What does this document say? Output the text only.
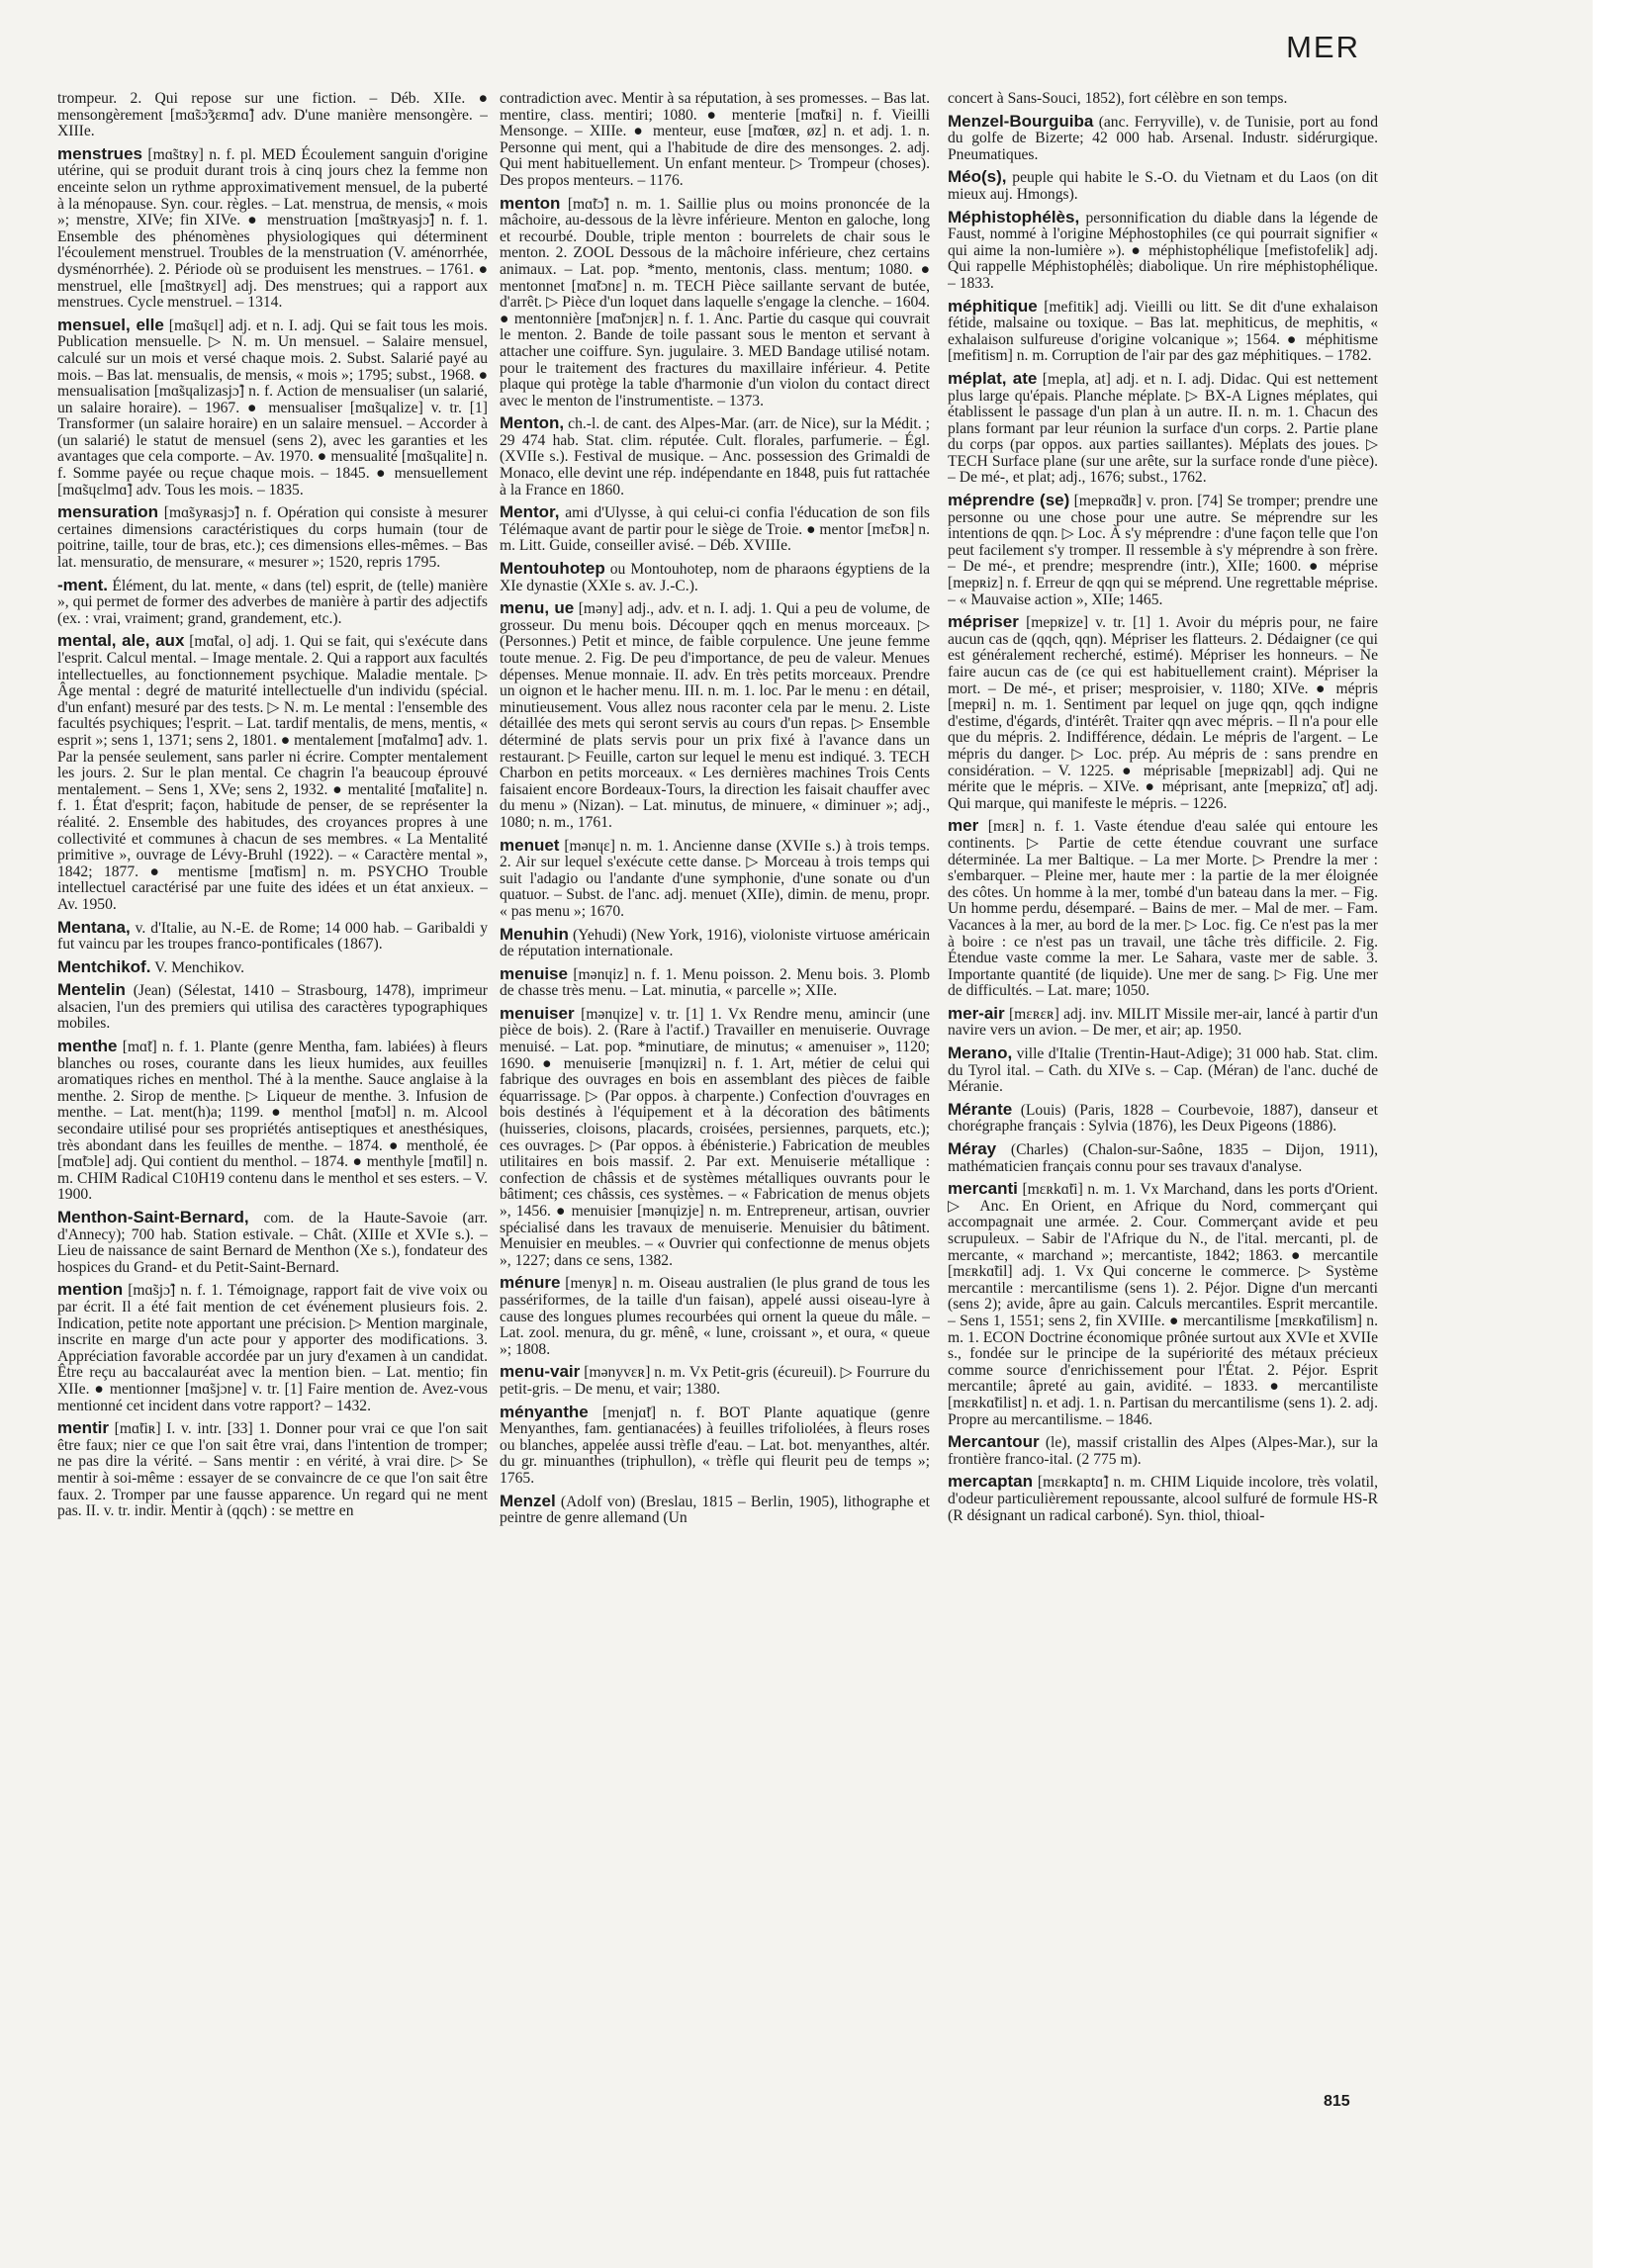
MER

trompeur. 2. Qui repose sur une fiction. – Déb. XIIe. ● mensongèrement [mɑ̃sɔ̃ʒɛʀmɑ̃] adv. D'une manière mensongère. – XIIIe.

menstrues [mɑ̃stʀy] n. f. pl. MED Écoulement sanguin d'origine utérine, qui se produit durant trois à cinq jours chez la femme non enceinte selon un rythme approximativement mensuel, de la puberté à la ménopause. Syn. cour. règles. – Lat. menstrua, de mensis, « mois »; menstre, XIVe; fin XIVe. ● menstruation [mɑ̃stʀyasjɔ̃] n. f. 1. Ensemble des phénomènes physiologiques qui déterminent l'écoulement menstruel. Troubles de la menstruation (V. aménorrhée, dysménorrhée). 2. Période où se produisent les menstrues. – 1761. ● menstruel, elle [mɑ̃stʀyɛl] adj. Des menstrues; qui a rapport aux menstrues. Cycle menstruel. – 1314.

mensuel, elle [mɑ̃sɥɛl] adj. et n. I. adj. Qui se fait tous les mois. Publication mensuelle. ▷ N. m. Un mensuel. – Salaire mensuel, calculé sur un mois et versé chaque mois. 2. Subst. Salarié payé au mois. – Bas lat. mensualis, de mensis, « mois »; 1795; subst., 1968. ● mensualisation [mɑ̃sɥalizasjɔ̃] n. f. Action de mensualiser (un salarié, un salaire horaire). – 1967. ● mensualiser [mɑ̃sɥalize] v. tr. [1] Transformer (un salaire horaire) en un salaire mensuel. – Accorder à (un salarié) le statut de mensuel (sens 2), avec les garanties et les avantages que cela comporte. – Av. 1970. ● mensualité [mɑ̃sɥalite] n. f. Somme payée ou reçue chaque mois. – 1845. ● mensuellement [mɑ̃sɥɛlmɑ̃] adv. Tous les mois. – 1835.

mensuration [mɑ̃syʀasjɔ̃] n. f. Opération qui consiste à mesurer certaines dimensions caractéristiques du corps humain (tour de poitrine, taille, tour de bras, etc.); ces dimensions elles-mêmes. – Bas lat. mensuratio, de mensurare, « mesurer »; 1520, repris 1795.

-ment. Élément, du lat. mente, « dans (tel) esprit, de (telle) manière », qui permet de former des adverbes de manière à partir des adjectifs (ex. : vrai, vraiment; grand, grandement, etc.).

mental, ale, aux [mɑ̃tal, o] adj. 1. Qui se fait, qui s'exécute dans l'esprit. Calcul mental. – Image mentale. 2. Qui a rapport aux facultés intellectuelles, au fonctionnement psychique. Maladie mentale. ▷ Âge mental : degré de maturité intellectuelle d'un individu (spécial. d'un enfant) mesuré par des tests. ▷ N. m. Le mental : l'ensemble des facultés psychiques; l'esprit. – Lat. tardif mentalis, de mens, mentis, « esprit »; sens 1, 1371; sens 2, 1801. ● mentalement [mɑ̃talmɑ̃] adv. 1. Par la pensée seulement, sans parler ni écrire. Compter mentalement les jours. 2. Sur le plan mental. Ce chagrin l'a beaucoup éprouvé mentalement. – Sens 1, XVe; sens 2, 1932. ● mentalité [mɑ̃talite] n. f. 1. État d'esprit; façon, habitude de penser, de se représenter la réalité. 2. Ensemble des habitudes, des croyances propres à une collectivité et communes à chacun de ses membres. « La Mentalité primitive », ouvrage de Lévy-Bruhl (1922). – « Caractère mental », 1842; 1877. ● mentisme [mɑ̃tism] n. m. PSYCHO Trouble intellectuel caractérisé par une fuite des idées et un état anxieux. – Av. 1950.

Mentana, v. d'Italie, au N.-E. de Rome; 14 000 hab. – Garibaldi y fut vaincu par les troupes franco-pontificales (1867).

Mentchikof. V. Menchikov.

Mentelin (Jean) (Sélestat, 1410 – Strasbourg, 1478), imprimeur alsacien, l'un des premiers qui utilisa des caractères typographiques mobiles.

menthe [mɑ̃t] n. f. 1. Plante (genre Mentha, fam. labiées) à fleurs blanches ou roses, courante dans les lieux humides, aux feuilles aromatiques riches en menthol. Thé à la menthe. Sauce anglaise à la menthe. 2. Sirop de menthe. ▷ Liqueur de menthe. 3. Infusion de menthe. – Lat. ment(h)a; 1199. ● menthol [mɑ̃tɔl] n. m. Alcool secondaire utilisé pour ses propriétés antiseptiques et anesthésiques, très abondant dans les feuilles de menthe. – 1874. ● mentholé, ée [mɑ̃tɔle] adj. Qui contient du menthol. – 1874. ● menthyle [mɑ̃til] n. m. CHIM Radical C10H19 contenu dans le menthol et ses esters. – V. 1900.

Menthon-Saint-Bernard, com. de la Haute-Savoie (arr. d'Annecy); 700 hab. Station estivale. – Chât. (XIIIe et XVIe s.). – Lieu de naissance de saint Bernard de Menthon (Xe s.), fondateur des hospices du Grand- et du Petit-Saint-Bernard.

mention [mɑ̃sjɔ̃] n. f. 1. Témoignage, rapport fait de vive voix ou par écrit. Il a été fait mention de cet événement plusieurs fois. 2. Indication, petite note apportant une précision. ▷ Mention marginale, inscrite en marge d'un acte pour y apporter des modifications. 3. Appréciation favorable accordée par un jury d'examen à un candidat. Être reçu au baccalauréat avec la mention bien. – Lat. mentio; fin XIIe. ● mentionner [mɑ̃sjɔne] v. tr. [1] Faire mention de. Avez-vous mentionné cet incident dans votre rapport? – 1432.

mentir [mɑ̃tiʀ] I. v. intr. [33] 1. Donner pour vrai ce que l'on sait être faux; nier ce que l'on sait être vrai, dans l'intention de tromper; ne pas dire la vérité. – Sans mentir : en vérité, à vrai dire. ▷ Se mentir à soi-même : essayer de se convaincre de ce que l'on sait être faux. 2. Tromper par une fausse apparence. Un regard qui ne ment pas. II. v. tr. indir. Mentir à (qqch) : se mettre en

contradiction avec. Mentir à sa réputation, à ses promesses. – Bas lat. mentire, class. mentiri; 1080. ● menterie [mɑ̃tʀi] n. f. Vieilli Mensonge. – XIIIe. ● menteur, euse [mɑ̃tœʀ, øz] n. et adj. 1. n. Personne qui ment, qui a l'habitude de dire des mensonges. 2. adj. Qui ment habituellement. Un enfant menteur. ▷ Trompeur (choses). Des propos menteurs. – 1176.

menton [mɑ̃tɔ̃] n. m. 1. Saillie plus ou moins prononcée de la mâchoire, au-dessous de la lèvre inférieure. Menton en galoche, long et recourbé. Double, triple menton : bourrelets de chair sous le menton. 2. ZOOL Dessous de la mâchoire inférieure, chez certains animaux. – Lat. pop. *mento, mentonis, class. mentum; 1080. ● mentonnet [mɑ̃tɔnɛ] n. m. TECH Pièce saillante servant de butée, d'arrêt. ▷ Pièce d'un loquet dans laquelle s'engage la clenche. – 1604. ● mentonnière [mɑ̃tɔnjɛʀ] n. f. 1. Anc. Partie du casque qui couvrait le menton. 2. Bande de toile passant sous le menton et servant à attacher une coiffure. Syn. jugulaire. 3. MED Bandage utilisé notam. pour le traitement des fractures du maxillaire inférieur. 4. Petite plaque qui protège la table d'harmonie d'un violon du contact direct avec le menton de l'instrumentiste. – 1373.

Menton, ch.-l. de cant. des Alpes-Mar. (arr. de Nice), sur la Médit. ; 29 474 hab. Stat. clim. réputée. Cult. florales, parfumerie. – Égl. (XVIIe s.). Festival de musique. – Anc. possession des Grimaldi de Monaco, elle devint une rép. indépendante en 1848, puis fut rattachée à la France en 1860.

Mentor, ami d'Ulysse, à qui celui-ci confia l'éducation de son fils Télémaque avant de partir pour le siège de Troie. ● mentor [mɛ̃tɔʀ] n. m. Litt. Guide, conseiller avisé. – Déb. XVIIIe.

Mentouhotep ou Montouhotep, nom de pharaons égyptiens de la XIe dynastie (XXIe s. av. J.-C.).

menu, ue [məny] adj., adv. et n. I. adj. 1. Qui a peu de volume, de grosseur. Du menu bois. Découper qqch en menus morceaux. ▷ (Personnes.) Petit et mince, de faible corpulence. Une jeune femme toute menue. 2. Fig. De peu d'importance, de peu de valeur. Menues dépenses. Menue monnaie. II. adv. En très petits morceaux. Prendre un oignon et le hacher menu. III. n. m. 1. loc. Par le menu : en détail, minutieusement. Vous allez nous raconter cela par le menu. 2. Liste détaillée des mets qui seront servis au cours d'un repas. ▷ Ensemble déterminé de plats servis pour un prix fixé à l'avance dans un restaurant. ▷ Feuille, carton sur lequel le menu est indiqué. 3. TECH Charbon en petits morceaux. « Les dernières machines Trois Cents faisaient encore Bordeaux-Tours, la direction les faisait chauffer avec du menu » (Nizan). – Lat. minutus, de minuere, « diminuer »; adj., 1080; n. m., 1761.

menuet [mənɥɛ] n. m. 1. Ancienne danse (XVIIe s.) à trois temps. 2. Air sur lequel s'exécute cette danse. ▷ Morceau à trois temps qui suit l'adagio ou l'andante d'une symphonie, d'une sonate ou d'un quatuor. – Subst. de l'anc. adj. menuet (XIIe), dimin. de menu, propr. « pas menu »; 1670.

Menuhin (Yehudi) (New York, 1916), violoniste virtuose américain de réputation internationale.

menuise [mənɥiz] n. f. 1. Menu poisson. 2. Menu bois. 3. Plomb de chasse très menu. – Lat. minutia, « parcelle »; XIIe.

menuiser [mənɥize] v. tr. [1] 1. Vx Rendre menu, amincir (une pièce de bois). 2. (Rare à l'actif.) Travailler en menuiserie. Ouvrage menuisé. – Lat. pop. *minutiare, de minutus; « amenuiser », 1120; 1690. ● menuiserie [mənɥizʀi] n. f. 1. Art, métier de celui qui fabrique des ouvrages en bois en assemblant des pièces de faible équarrissage. ▷ (Par oppos. à charpente.) Confection d'ouvrages en bois destinés à l'équipement et à la décoration des bâtiments (huisseries, cloisons, placards, croisées, persiennes, parquets, etc.); ces ouvrages. ▷ (Par oppos. à ébénisterie.) Fabrication de meubles utilitaires en bois massif. 2. Par ext. Menuiserie métallique : confection de châssis et de systèmes métalliques ouvrants pour le bâtiment; ces châssis, ces systèmes. – « Fabrication de menus objets », 1456. ● menuisier [mənɥizje] n. m. Entrepreneur, artisan, ouvrier spécialisé dans les travaux de menuiserie. Menuisier du bâtiment. Menuisier en meubles. – « Ouvrier qui confectionne de menus objets », 1227; dans ce sens, 1382.

ménure [menyʀ] n. m. Oiseau australien (le plus grand de tous les passériformes, de la taille d'un faisan), appelé aussi oiseau-lyre à cause des longues plumes recourbées qui ornent la queue du mâle. – Lat. zool. menura, du gr. mênê, « lune, croissant », et oura, « queue »; 1808.

menu-vair [mənyvɛʀ] n. m. Vx Petit-gris (écureuil). ▷ Fourrure du petit-gris. – De menu, et vair; 1380.

ményanthe [menjɑ̃t] n. f. BOT Plante aquatique (genre Menyanthes, fam. gentianacées) à feuilles trifoliolées, à fleurs roses ou blanches, appelée aussi trèfle d'eau. – Lat. bot. menyanthes, altér. du gr. minuanthes (triphullon), « trèfle qui fleurit peu de temps »; 1765.

Menzel (Adolf von) (Breslau, 1815 – Berlin, 1905), lithographe et peintre de genre allemand (Un

concert à Sans-Souci, 1852), fort célèbre en son temps.

Menzel-Bourguiba (anc. Ferryville), v. de Tunisie, port au fond du golfe de Bizerte; 42 000 hab. Arsenal. Industr. sidérurgique. Pneumatiques.

Méo(s), peuple qui habite le S.-O. du Vietnam et du Laos (on dit mieux auj. Hmongs).

Méphistophélès, personnification du diable dans la légende de Faust, nommé à l'origine Méphostophiles (ce qui pourrait signifier « qui aime la non-lumière »). ● méphistophélique [mefistofelik] adj. Qui rappelle Méphistophélès; diabolique. Un rire méphistophélique. – 1833.

méphitique [mefitik] adj. Vieilli ou litt. Se dit d'une exhalaison fétide, malsaine ou toxique. – Bas lat. mephiticus, de mephitis, « exhalaison sulfureuse d'origine volcanique »; 1564. ● méphitisme [mefitism] n. m. Corruption de l'air par des gaz méphitiques. – 1782.

méplat, ate [mepla, at] adj. et n. I. adj. Didac. Qui est nettement plus large qu'épais. Planche méplate. ▷ BX-A Lignes méplates, qui établissent le passage d'un plan à un autre. II. n. m. 1. Chacun des plans formant par leur réunion la surface d'un corps. 2. Partie plane du corps (par oppos. aux parties saillantes). Méplats des joues. ▷ TECH Surface plane (sur une arête, sur la surface ronde d'une pièce). – De mé-, et plat; adj., 1676; subst., 1762.

méprendre (se) [mepʀɑ̃dʀ] v. pron. [74] Se tromper; prendre une personne ou une chose pour une autre. Se méprendre sur les intentions de qqn. ▷ Loc. À s'y méprendre : d'une façon telle que l'on peut facilement s'y tromper. Il ressemble à s'y méprendre à son frère. – De mé-, et prendre; mesprendre (intr.), XIIe; 1600. ● méprise [mepʀiz] n. f. Erreur de qqn qui se méprend. Une regrettable méprise. – « Mauvaise action », XIIe; 1465.

mépriser [mepʀize] v. tr. [1] 1. Avoir du mépris pour, ne faire aucun cas de (qqch, qqn). Mépriser les flatteurs. 2. Dédaigner (ce qui est généralement recherché, estimé). Mépriser les honneurs. – Ne faire aucun cas de (ce qui est habituellement craint). Mépriser la mort. – De mé-, et priser; mesproisier, v. 1180; XIVe. ● mépris [mepʀi] n. m. 1. Sentiment par lequel on juge qqn, qqch indigne d'estime, d'égards, d'intérêt. Traiter qqn avec mépris. – Il n'a pour elle que du mépris. 2. Indifférence, dédain. Le mépris de l'argent. – Le mépris du danger. ▷ Loc. prép. Au mépris de : sans prendre en considération. – V. 1225. ● méprisable [mepʀizabl] adj. Qui ne mérite que le mépris. – XIVe. ● méprisant, ante [mepʀizɑ̃, ɑ̃t] adj. Qui marque, qui manifeste le mépris. – 1226.

mer [mɛʀ] n. f. 1. Vaste étendue d'eau salée qui entoure les continents. ▷ Partie de cette étendue couvrant une surface déterminée. La mer Baltique. – La mer Morte. ▷ Prendre la mer : s'embarquer. – Pleine mer, haute mer : la partie de la mer éloignée des côtes. Un homme à la mer, tombé d'un bateau dans la mer. – Fig. Un homme perdu, désemparé. – Bains de mer. – Mal de mer. – Fam. Vacances à la mer, au bord de la mer. ▷ Loc. fig. Ce n'est pas la mer à boire : ce n'est pas un travail, une tâche très difficile. 2. Fig. Étendue vaste comme la mer. Le Sahara, vaste mer de sable. 3. Importante quantité (de liquide). Une mer de sang. ▷ Fig. Une mer de difficultés. – Lat. mare; 1050.

mer-air [mɛʀɛʀ] adj. inv. MILIT Missile mer-air, lancé à partir d'un navire vers un avion. – De mer, et air; ap. 1950.

Merano, ville d'Italie (Trentin-Haut-Adige); 31 000 hab. Stat. clim. du Tyrol ital. – Cath. du XIVe s. – Cap. (Méran) de l'anc. duché de Méranie.

Mérante (Louis) (Paris, 1828 – Courbevoie, 1887), danseur et chorégraphe français : Sylvia (1876), les Deux Pigeons (1886).

Méray (Charles) (Chalon-sur-Saône, 1835 – Dijon, 1911), mathématicien français connu pour ses travaux d'analyse.

mercanti [mɛʀkɑ̃ti] n. m. 1. Vx Marchand, dans les ports d'Orient. ▷ Anc. En Orient, en Afrique du Nord, commerçant qui accompagnait une armée. 2. Cour. Commerçant avide et peu scrupuleux. – Sabir de l'Afrique du N., de l'ital. mercanti, pl. de mercante, « marchand »; mercantiste, 1842; 1863. ● mercantile [mɛʀkɑ̃til] adj. 1. Vx Qui concerne le commerce. ▷ Système mercantile : mercantilisme (sens 1). 2. Péjor. Digne d'un mercanti (sens 2); avide, âpre au gain. Calculs mercantiles. Esprit mercantile. – Sens 1, 1551; sens 2, fin XVIIIe. ● mercantilisme [mɛʀkɑ̃tilism] n. m. 1. ECON Doctrine économique prônée surtout aux XVIe et XVIIe s., fondée sur le principe de la supériorité des métaux précieux comme source d'enrichissement pour l'État. 2. Péjor. Esprit mercantile; âpreté au gain, avidité. – 1833. ● mercantiliste [mɛʀkɑ̃tilist] n. et adj. 1. n. Partisan du mercantilisme (sens 1). 2. adj. Propre au mercantilisme. – 1846.

Mercantour (le), massif cristallin des Alpes (Alpes-Mar.), sur la frontière franco-ital. (2 775 m).

mercaptan [mɛʀkaptɑ̃] n. m. CHIM Liquide incolore, très volatil, d'odeur particulièrement repoussante, alcool sulfuré de formule HS-R (R désignant un radical carboné). Syn. thiol, thioal-

815
